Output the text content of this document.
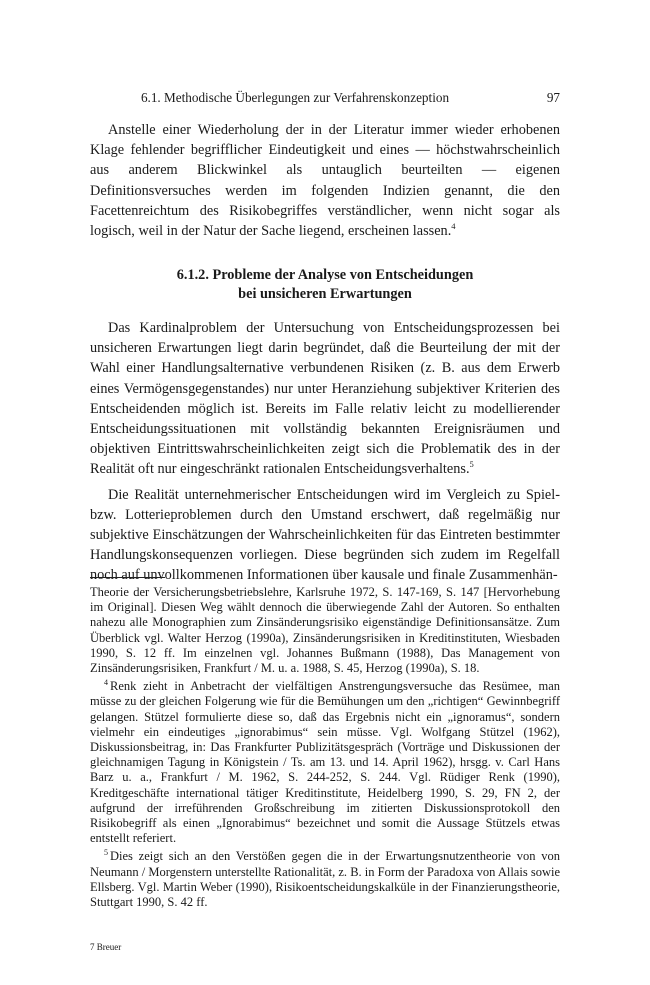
6.1. Methodische Überlegungen zur Verfahrenskonzeption	97

Anstelle einer Wiederholung der in der Literatur immer wieder erhobenen Klage fehlender begrifflicher Eindeutigkeit und eines — höchstwahrscheinlich aus anderem Blickwinkel als untauglich beurteilten — eigenen Definitionsversuches werden im folgenden Indizien genannt, die den Facettenreichtum des Risikobegriffes verständlicher, wenn nicht sogar als logisch, weil in der Natur der Sache liegend, erscheinen lassen.$^4$

6.1.2. Probleme der Analyse von Entscheidungen
bei unsicheren Erwartungen

Das Kardinalproblem der Untersuchung von Entscheidungsprozessen bei unsicheren Erwartungen liegt darin begründet, daß die Beurteilung der mit der Wahl einer Handlungsalternative verbundenen Risiken (z. B. aus dem Erwerb eines Vermögensgegenstandes) nur unter Heranziehung subjektiver Kriterien des Entscheidenden möglich ist. Bereits im Falle relativ leicht zu modellierender Entscheidungssituationen mit vollständig bekannten Ereignisräumen und objektiven Eintrittswahrscheinlichkeiten zeigt sich die Problematik des in der Realität oft nur eingeschränkt rationalen Entscheidungsverhaltens.$^5$

Die Realität unternehmerischer Entscheidungen wird im Vergleich zu Spiel- bzw. Lotterieproblemen durch den Umstand erschwert, daß regelmäßig nur subjektive Einschätzungen der Wahrscheinlichkeiten für das Eintreten bestimmter Handlungskonsequenzen vorliegen. Diese begründen sich zudem im Regelfall noch auf unvollkommenen Informationen über kausale und finale Zusammenhän-

Theorie der Versicherungsbetriebslehre, Karlsruhe 1972, S. 147-169, S. 147 [Hervorhebung im Original]. Diesen Weg wählt dennoch die überwiegende Zahl der Autoren. So enthalten nahezu alle Monographien zum Zinsänderungsrisiko eigenständige Definitionsansätze. Zum Überblick vgl. Walter Herzog (1990a), Zinsänderungsrisiken in Kreditinstituten, Wiesbaden 1990, S. 12 ff. Im einzelnen vgl. Johannes Bußmann (1988), Das Management von Zinsänderungsrisiken, Frankfurt / M. u. a. 1988, S. 45, Herzog (1990a), S. 18.

$^4$ Renk zieht in Anbetracht der vielfältigen Anstrengungsversuche das Resümee, man müsse zu der gleichen Folgerung wie für die Bemühungen um den „richtigen“ Gewinnbegriff gelangen. Stützel formulierte diese so, daß das Ergebnis nicht ein „ignoramus“, sondern vielmehr ein eindeutiges „ignorabimus“ sein müsse. Vgl. Wolfgang Stützel (1962), Diskussionsbeitrag, in: Das Frankfurter Publizitätsgespräch (Vorträge und Diskussionen der gleichnamigen Tagung in Königstein / Ts. am 13. und 14. April 1962), hrsgg. v. Carl Hans Barz u. a., Frankfurt / M. 1962, S. 244-252, S. 244. Vgl. Rüdiger Renk (1990), Kreditgeschäfte international tätiger Kreditinstitute, Heidelberg 1990, S. 29, FN 2, der aufgrund der irreführenden Großschreibung im zitierten Diskussionsprotokoll den Risikobegriff als einen „Ignorabimus“ bezeichnet und somit die Aussage Stützels etwas entstellt referiert.

$^5$ Dies zeigt sich an den Verstößen gegen die in der Erwartungsnutzentheorie von von Neumann / Morgenstern unterstellte Rationalität, z. B. in Form der Paradoxa von Allais sowie Ellsberg. Vgl. Martin Weber (1990), Risikoentscheidungskalküle in der Finanzierungstheorie, Stuttgart 1990, S. 42 ff.

7 Breuer
